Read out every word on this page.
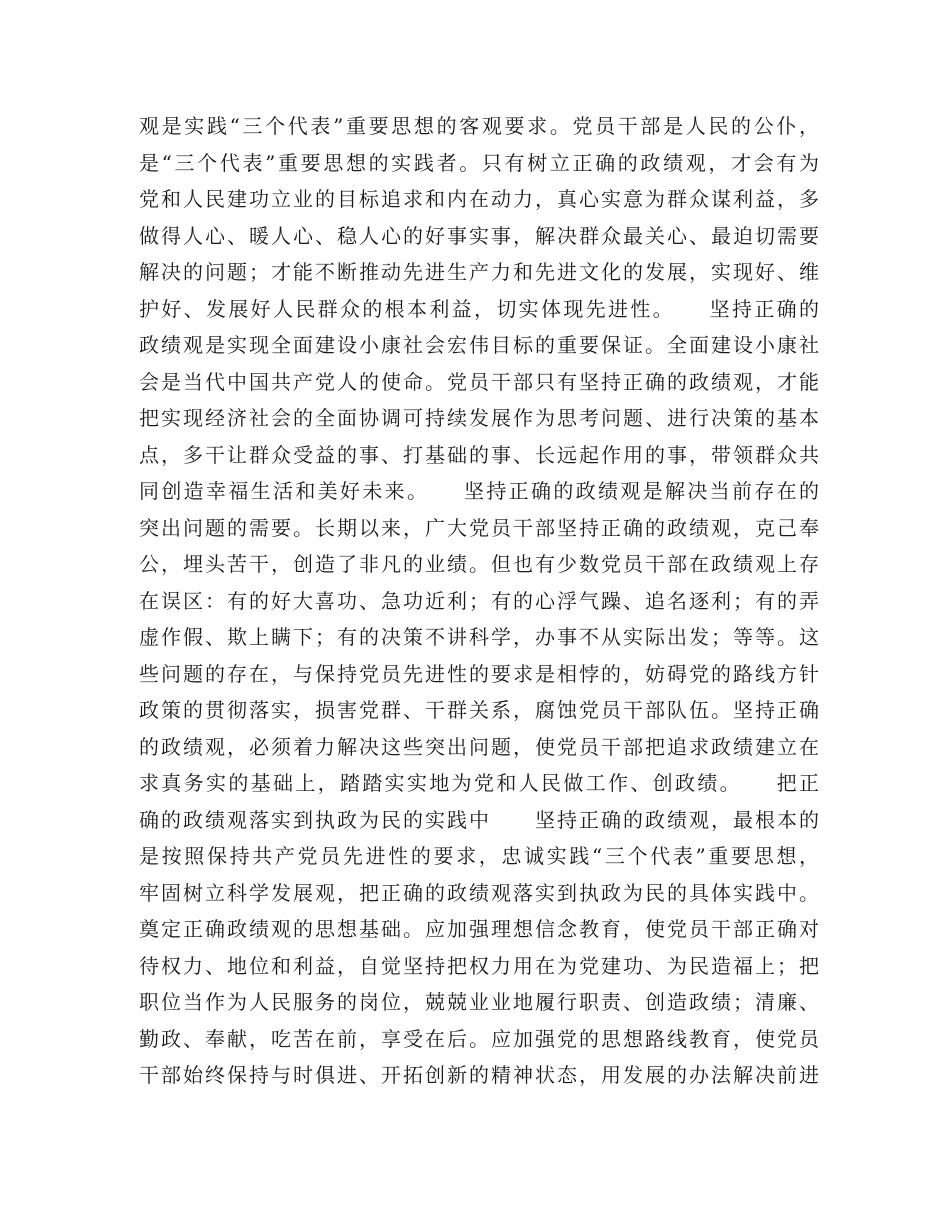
观是实践“三个代表”重要思想的客观要求。党员干部是人民的公仆，
是“三个代表”重要思想的实践者。只有树立正确的政绩观，才会有为
党和人民建功立业的目标追求和内在动力，真心实意为群众谋利益，多
做得人心、暖人心、稳人心的好事实事，解决群众最关心、最迫切需要
解决的问题；才能不断推动先进生产力和先进文化的发展，实现好、维
护好、发展好人民群众的根本利益，切实体现先进性。　　坚持正确的
政绩观是实现全面建设小康社会宏伟目标的重要保证。全面建设小康社
会是当代中国共产党人的使命。党员干部只有坚持正确的政绩观，才能
把实现经济社会的全面协调可持续发展作为思考问题、进行决策的基本
点，多干让群众受益的事、打基础的事、长远起作用的事，带领群众共
同创造幸福生活和美好未来。　　坚持正确的政绩观是解决当前存在的
突出问题的需要。长期以来，广大党员干部坚持正确的政绩观，克己奉
公，埋头苦干，创造了非凡的业绩。但也有少数党员干部在政绩观上存
在误区：有的好大喜功、急功近利；有的心浮气躁、追名逐利；有的弄
虚作假、欺上瞒下；有的决策不讲科学，办事不从实际出发；等等。这
些问题的存在，与保持党员先进性的要求是相悖的，妨碍党的路线方针
政策的贯彻落实，损害党群、干群关系，腐蚀党员干部队伍。坚持正确
的政绩观，必须着力解决这些突出问题，使党员干部把追求政绩建立在
求真务实的基础上，踏踏实实地为党和人民做工作、创政绩。　　把正
确的政绩观落实到执政为民的实践中　　坚持正确的政绩观，最根本的
是按照保持共产党员先进性的要求，忠诚实践“三个代表”重要思想，
牢固树立科学发展观，把正确的政绩观落实到执政为民的具体实践中。
奠定正确政绩观的思想基础。应加强理想信念教育，使党员干部正确对
待权力、地位和利益，自觉坚持把权力用在为党建功、为民造福上；把
职位当作为人民服务的岗位，兢兢业业地履行职责、创造政绩；清廉、
勤政、奉献，吃苦在前，享受在后。应加强党的思想路线教育，使党员
干部始终保持与时俱进、开拓创新的精神状态，用发展的办法解决前进
